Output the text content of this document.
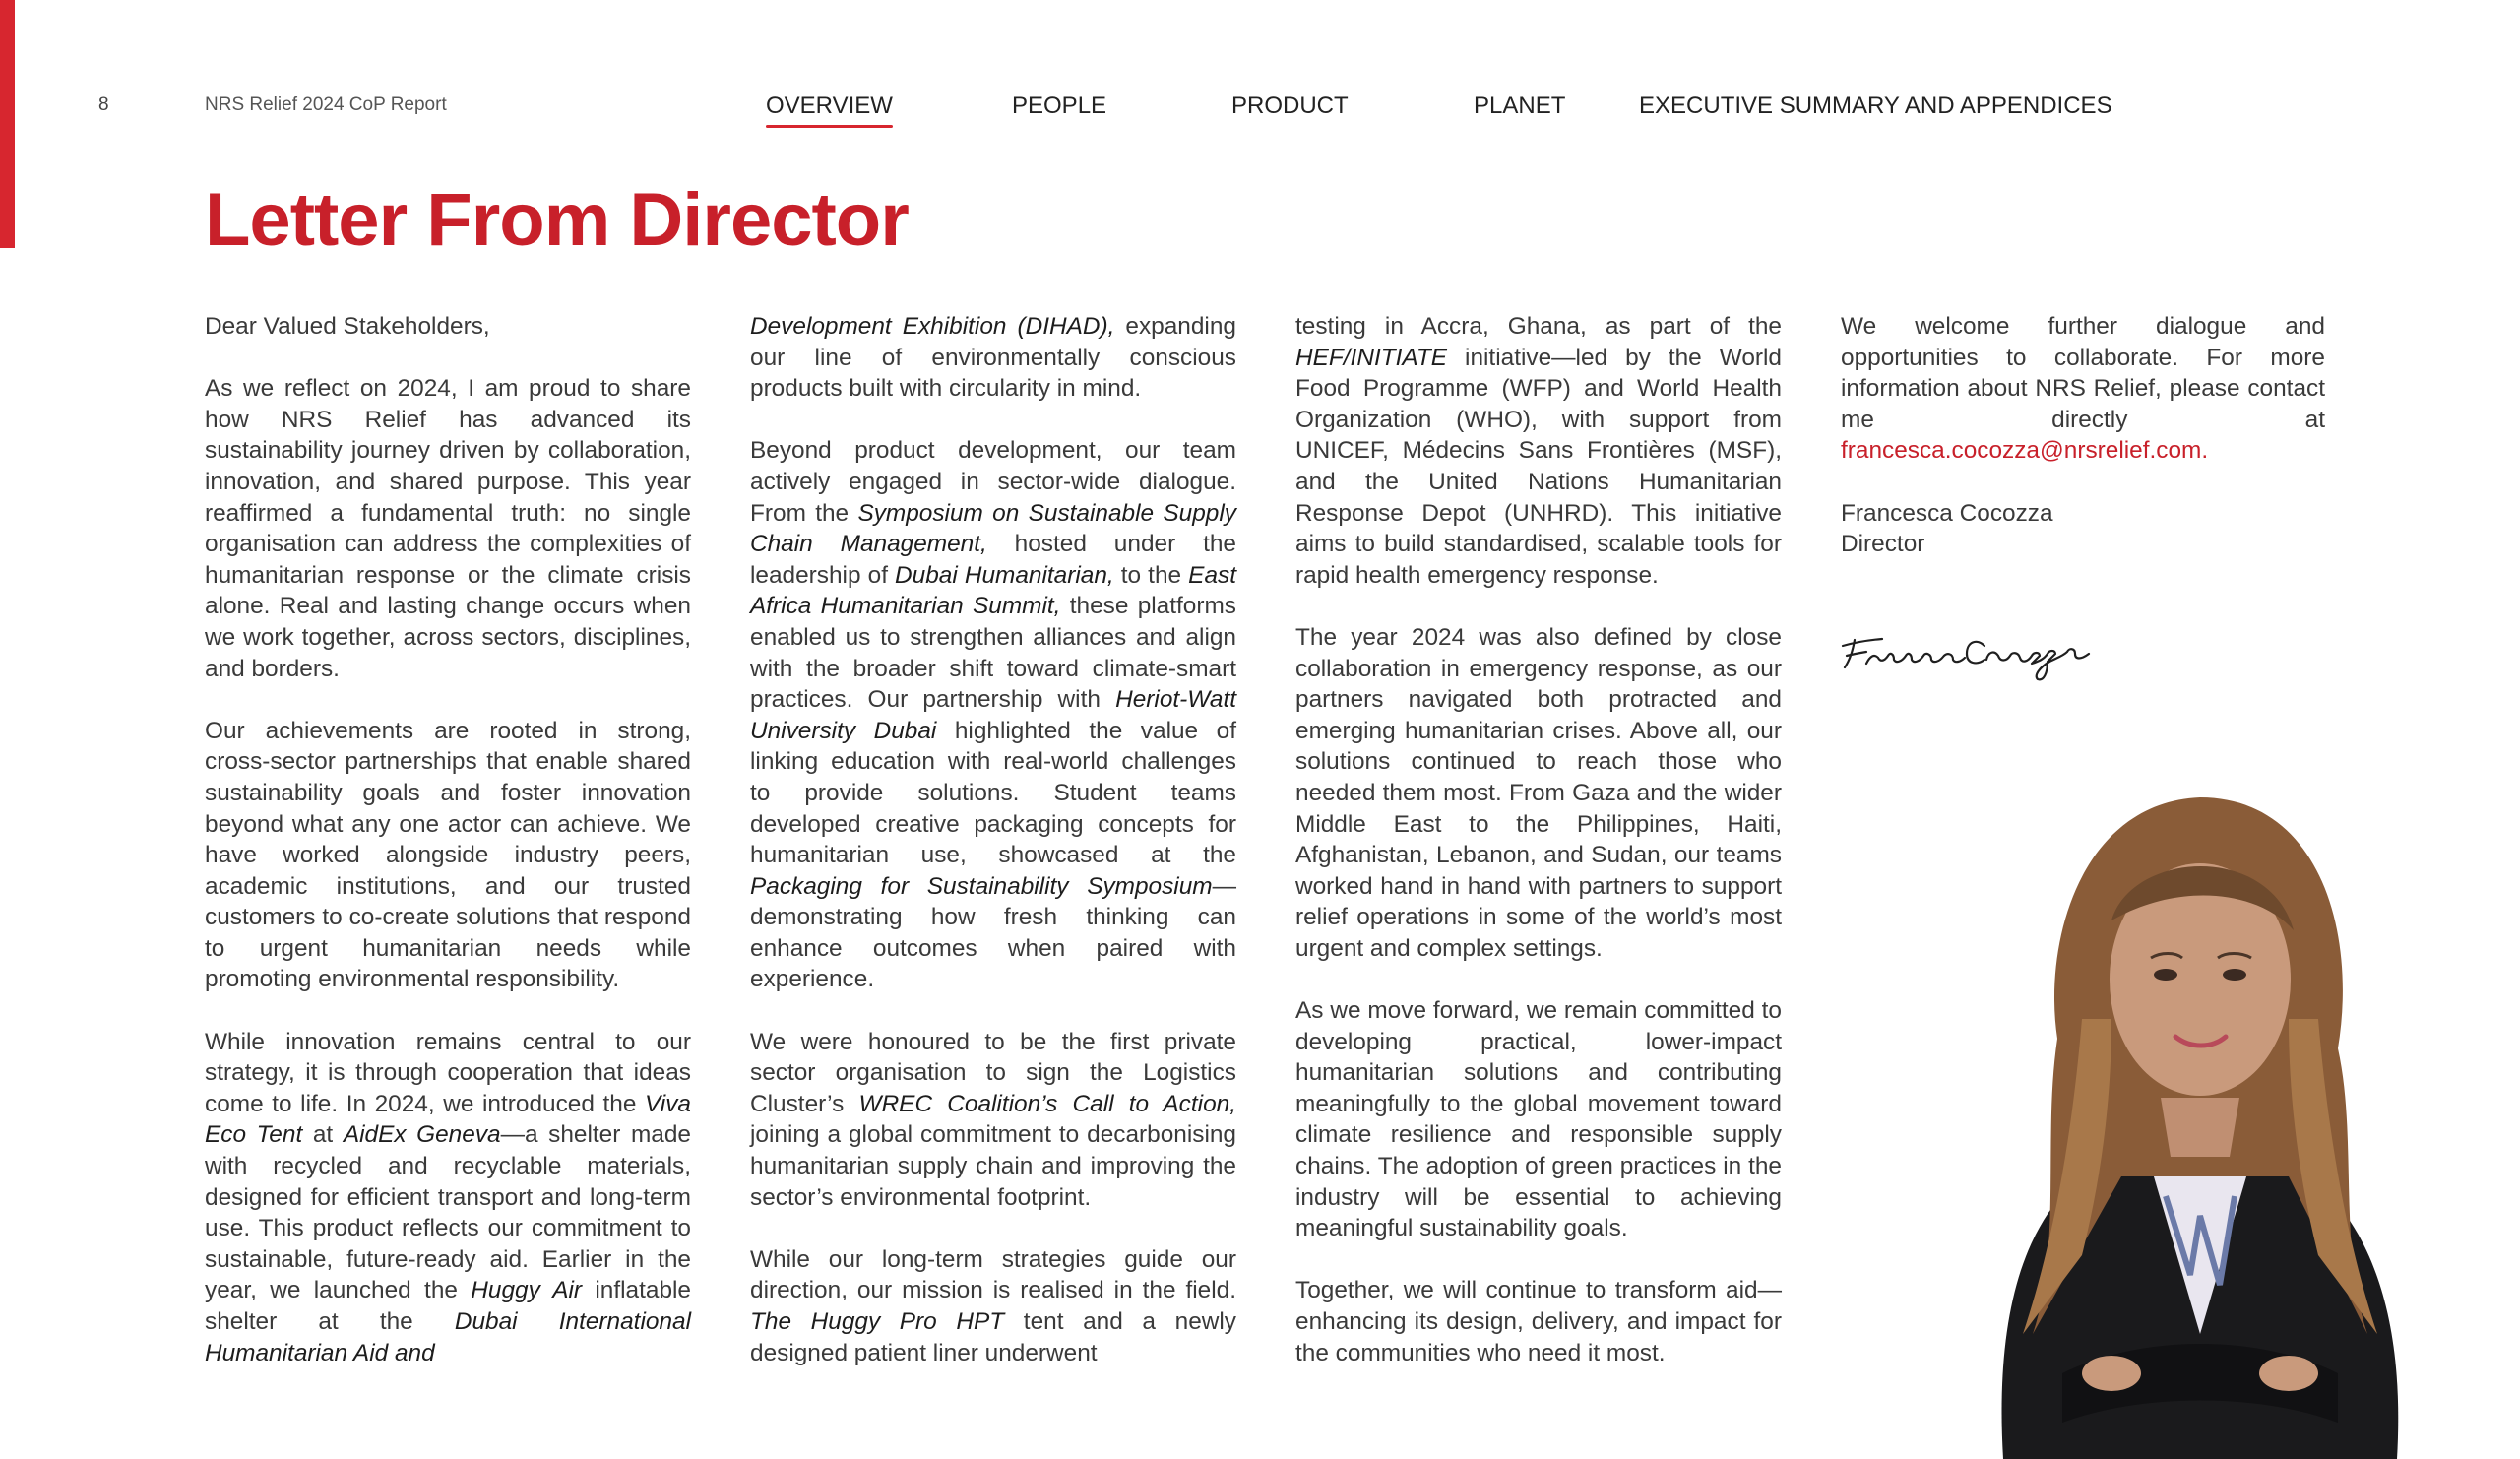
8	NRS Relief 2024 CoP Report	OVERVIEW	PEOPLE	PRODUCT	PLANET	EXECUTIVE SUMMARY AND APPENDICES
Letter From Director

Dear Valued Stakeholders,

As we reflect on 2024, I am proud to share how NRS Relief has advanced its sustainability journey driven by collaboration, innovation, and shared purpose. This year reaffirmed a fundamental truth: no single organisation can address the complexities of humanitarian response or the climate crisis alone. Real and lasting change occurs when we work together, across sectors, disciplines, and borders.

Our achievements are rooted in strong, cross-sector partnerships that enable shared sustainability goals and foster innovation beyond what any one actor can achieve. We have worked alongside industry peers, academic institutions, and our trusted customers to co-create solutions that respond to urgent humanitarian needs while promoting environmental responsibility.

While innovation remains central to our strategy, it is through cooperation that ideas come to life. In 2024, we introduced the Viva Eco Tent at AidEx Geneva—a shelter made with recycled and recyclable materials, designed for efficient transport and long-term use. This product reflects our commitment to sustainable, future-ready aid. Earlier in the year, we launched the Huggy Air inflatable shelter at the Dubai International Humanitarian Aid and

Development Exhibition (DIHAD), expanding our line of environmentally conscious products built with circularity in mind.

Beyond product development, our team actively engaged in sector-wide dialogue. From the Symposium on Sustainable Supply Chain Management, hosted under the leadership of Dubai Humanitarian, to the East Africa Humanitarian Summit, these platforms enabled us to strengthen alliances and align with the broader shift toward climate-smart practices. Our partnership with Heriot-Watt University Dubai highlighted the value of linking education with real-world challenges to provide solutions. Student teams developed creative packaging concepts for humanitarian use, showcased at the Packaging for Sustainability Symposium—demonstrating how fresh thinking can enhance outcomes when paired with experience.

We were honoured to be the first private sector organisation to sign the Logistics Cluster’s WREC Coalition’s Call to Action, joining a global commitment to decarbonising humanitarian supply chain and improving the sector’s environmental footprint.

While our long-term strategies guide our direction, our mission is realised in the field. The Huggy Pro HPT tent and a newly designed patient liner underwent

testing in Accra, Ghana, as part of the HEF/INITIATE initiative—led by the World Food Programme (WFP) and World Health Organization (WHO), with support from UNICEF, Médecins Sans Frontières (MSF), and the United Nations Humanitarian Response Depot (UNHRD). This initiative aims to build standardised, scalable tools for rapid health emergency response.

The year 2024 was also defined by close collaboration in emergency response, as our partners navigated both protracted and emerging humanitarian crises. Above all, our solutions continued to reach those who needed them most. From Gaza and the wider Middle East to the Philippines, Haiti, Afghanistan, Lebanon, and Sudan, our teams worked hand in hand with partners to support relief operations in some of the world’s most urgent and complex settings.

As we move forward, we remain committed to developing practical, lower-impact humanitarian solutions and contributing meaningfully to the global movement toward climate resilience and responsible supply chains. The adoption of green practices in the industry will be essential to achieving meaningful sustainability goals.

Together, we will continue to transform aid—enhancing its design, delivery, and impact for the communities who need it most.

We welcome further dialogue and opportunities to collaborate. For more information about NRS Relief, please contact me directly at francesca.cocozza@nrsrelief.com.

Francesca Cocozza

Director
